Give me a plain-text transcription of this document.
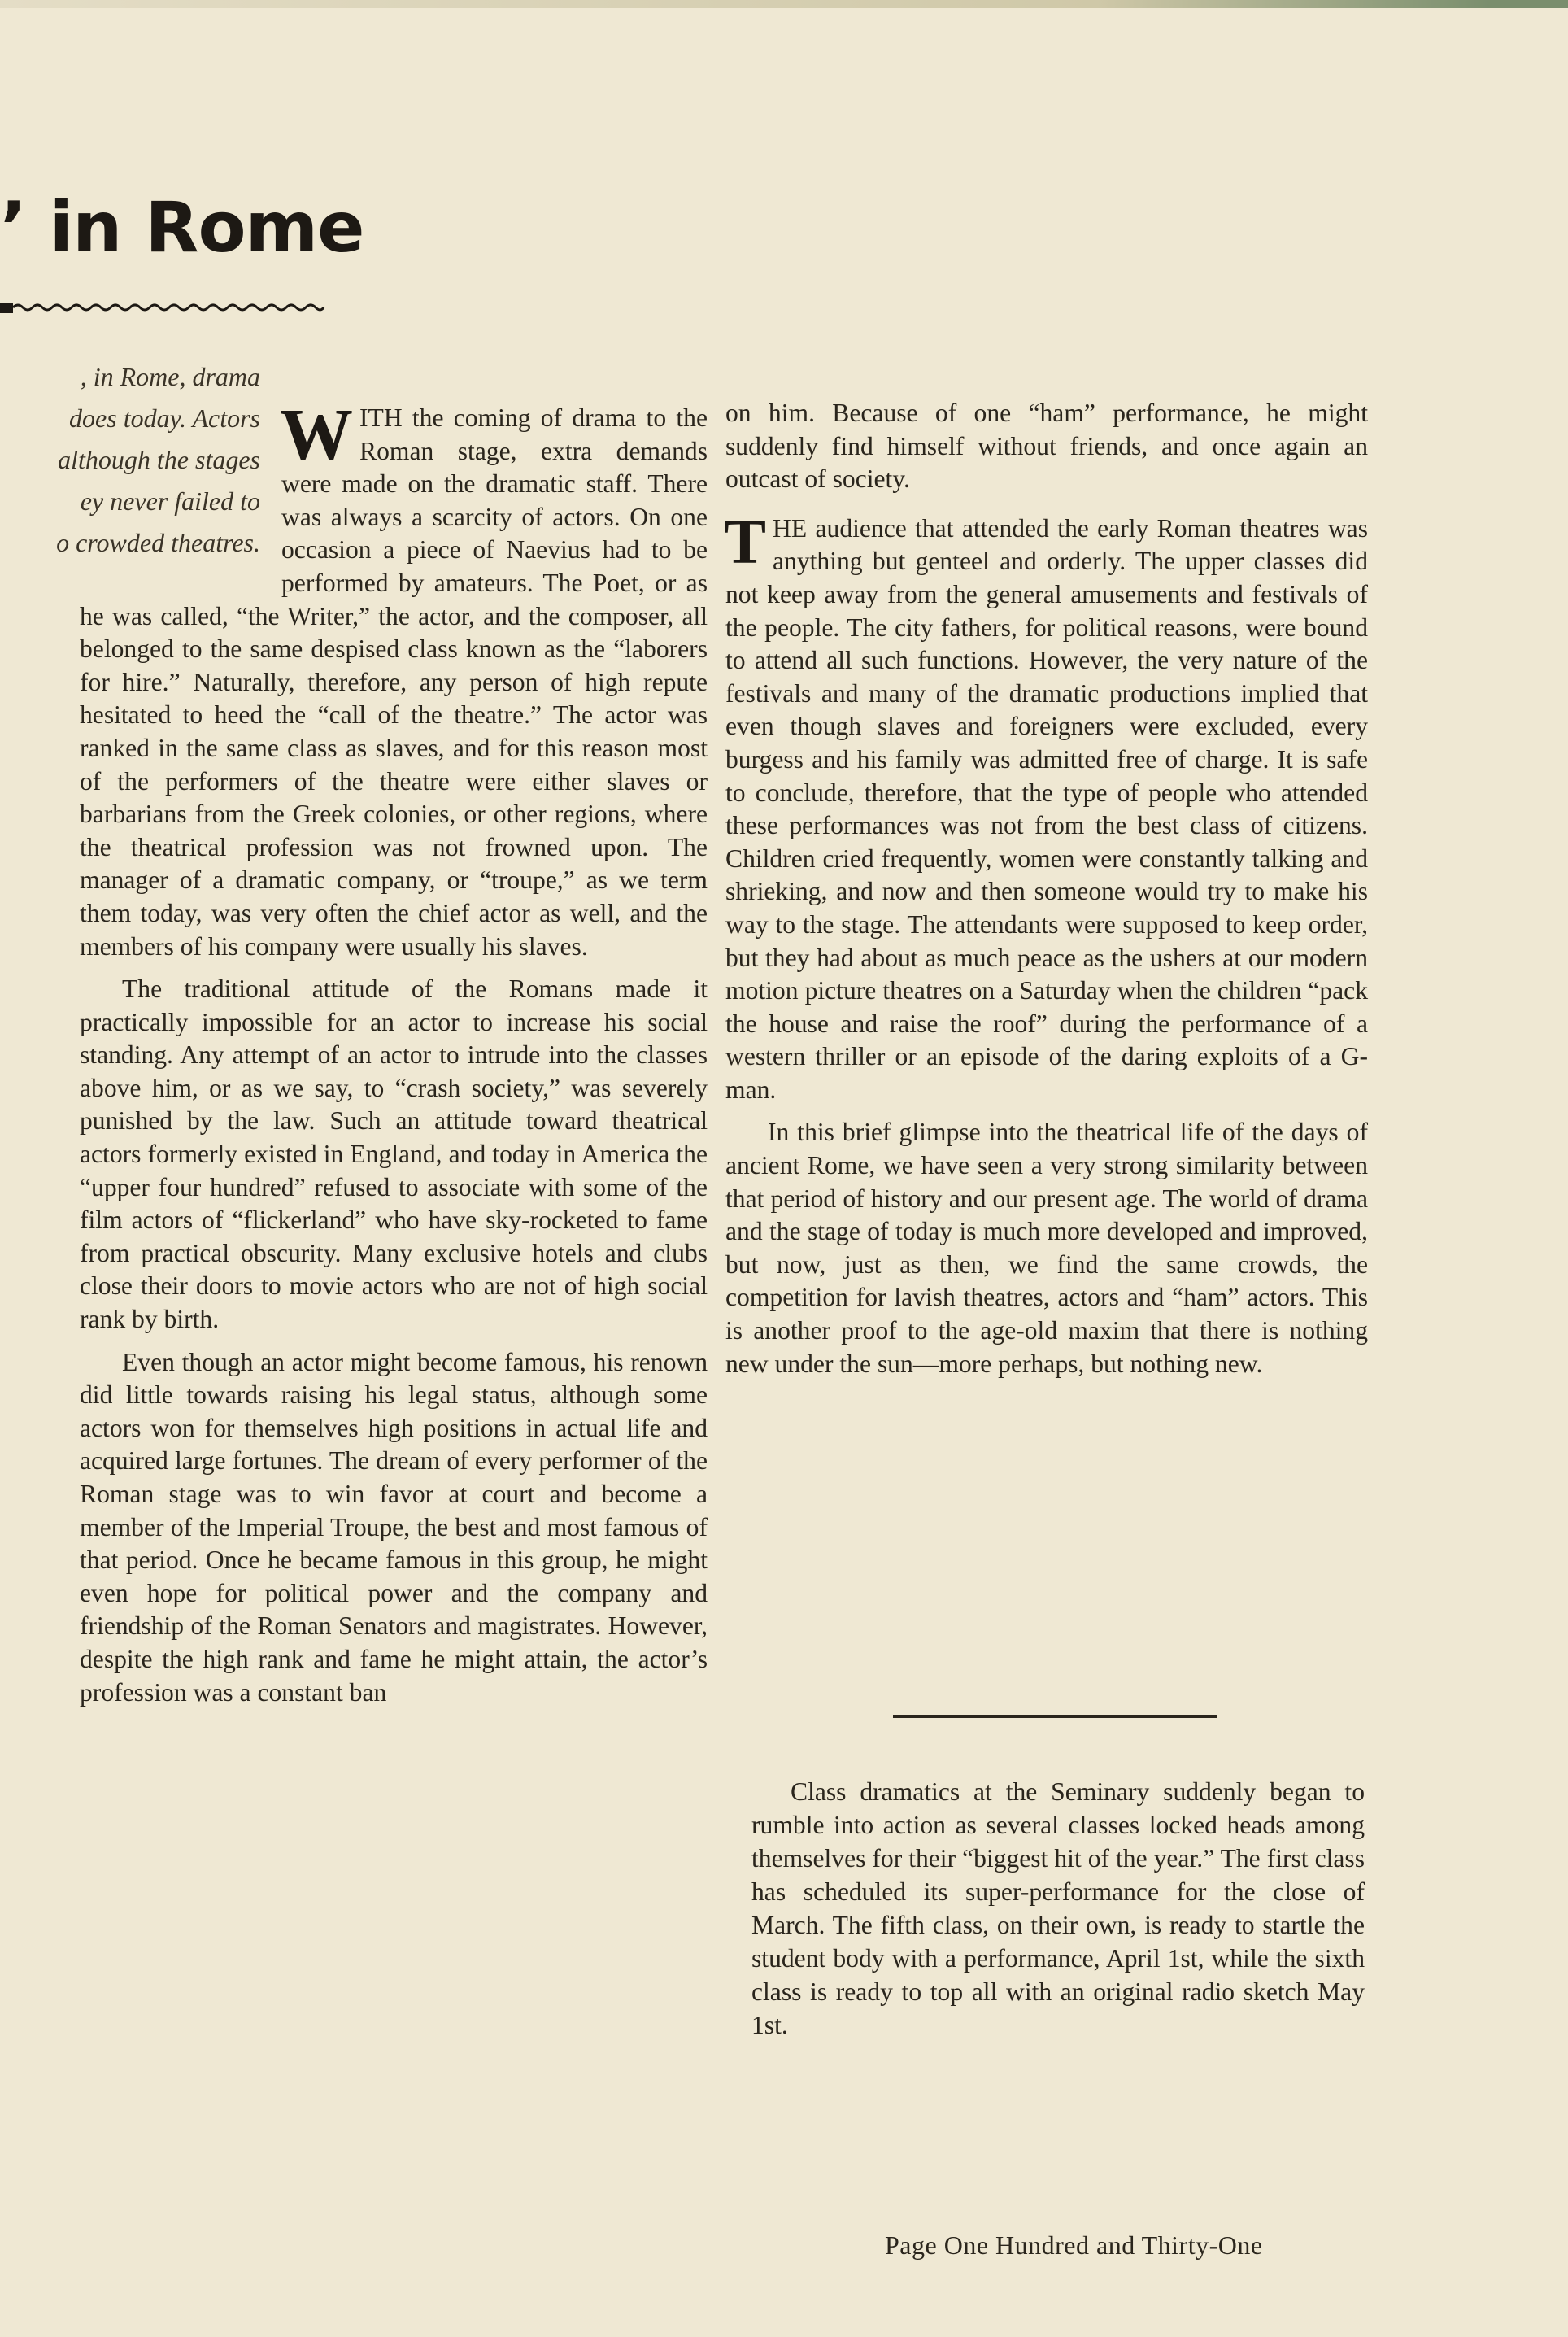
’ in Rome
, in Rome, drama
does today. Actors
although the stages
ey never failed to
o crowded theatres.

WITH the coming of drama to the Roman stage, extra demands were made on the dramatic staff. There was always a scarcity of actors. On one occasion a piece of Naevius had to be performed by amateurs. The Poet, or as he was called, “the Writer,” the actor, and the composer, all belonged to the same despised class known as the “laborers for hire.” Naturally, therefore, any person of high repute hesitated to heed the “call of the theatre.” The actor was ranked in the same class as slaves, and for this reason most of the performers of the theatre were either slaves or barbarians from the Greek colonies, or other regions, where the theatrical profession was not frowned upon. The manager of a dramatic company, or “troupe,” as we term them today, was very often the chief actor as well, and the members of his company were usually his slaves.

The traditional attitude of the Romans made it practically impossible for an actor to increase his social standing. Any attempt of an actor to intrude into the classes above him, or as we say, to “crash society,” was severely punished by the law. Such an attitude toward theatrical actors formerly existed in England, and today in America the “upper four hundred” refused to associate with some of the film actors of “flickerland” who have sky-rocketed to fame from practical obscurity. Many exclusive hotels and clubs close their doors to movie actors who are not of high social rank by birth.

Even though an actor might become famous, his renown did little towards raising his legal status, although some actors won for themselves high positions in actual life and acquired large fortunes. The dream of every performer of the Roman stage was to win favor at court and become a member of the Imperial Troupe, the best and most famous of that period. Once he became famous in this group, he might even hope for political power and the company and friendship of the Roman Senators and magistrates. However, despite the high rank and fame he might attain, the actor’s profession was a constant ban

on him. Because of one “ham” performance, he might suddenly find himself without friends, and once again an outcast of society.

THE audience that attended the early Roman theatres was anything but genteel and orderly. The upper classes did not keep away from the general amusements and festivals of the people. The city fathers, for political reasons, were bound to attend all such functions. However, the very nature of the festivals and many of the dramatic productions implied that even though slaves and foreigners were excluded, every burgess and his family was admitted free of charge. It is safe to conclude, therefore, that the type of people who attended these performances was not from the best class of citizens. Children cried frequently, women were constantly talking and shrieking, and now and then someone would try to make his way to the stage. The attendants were supposed to keep order, but they had about as much peace as the ushers at our modern motion picture theatres on a Saturday when the children “pack the house and raise the roof” during the performance of a western thriller or an episode of the daring exploits of a G-man.

In this brief glimpse into the theatrical life of the days of ancient Rome, we have seen a very strong similarity between that period of history and our present age. The world of drama and the stage of today is much more developed and improved, but now, just as then, we find the same crowds, the competition for lavish theatres, actors and “ham” actors. This is another proof to the age-old maxim that there is nothing new under the sun—more perhaps, but nothing new.

Class dramatics at the Seminary suddenly began to rumble into action as several classes locked heads among themselves for their “biggest hit of the year.” The first class has scheduled its super-performance for the close of March. The fifth class, on their own, is ready to startle the student body with a performance, April 1st, while the sixth class is ready to top all with an original radio sketch May 1st.

Page One Hundred and Thirty-One
